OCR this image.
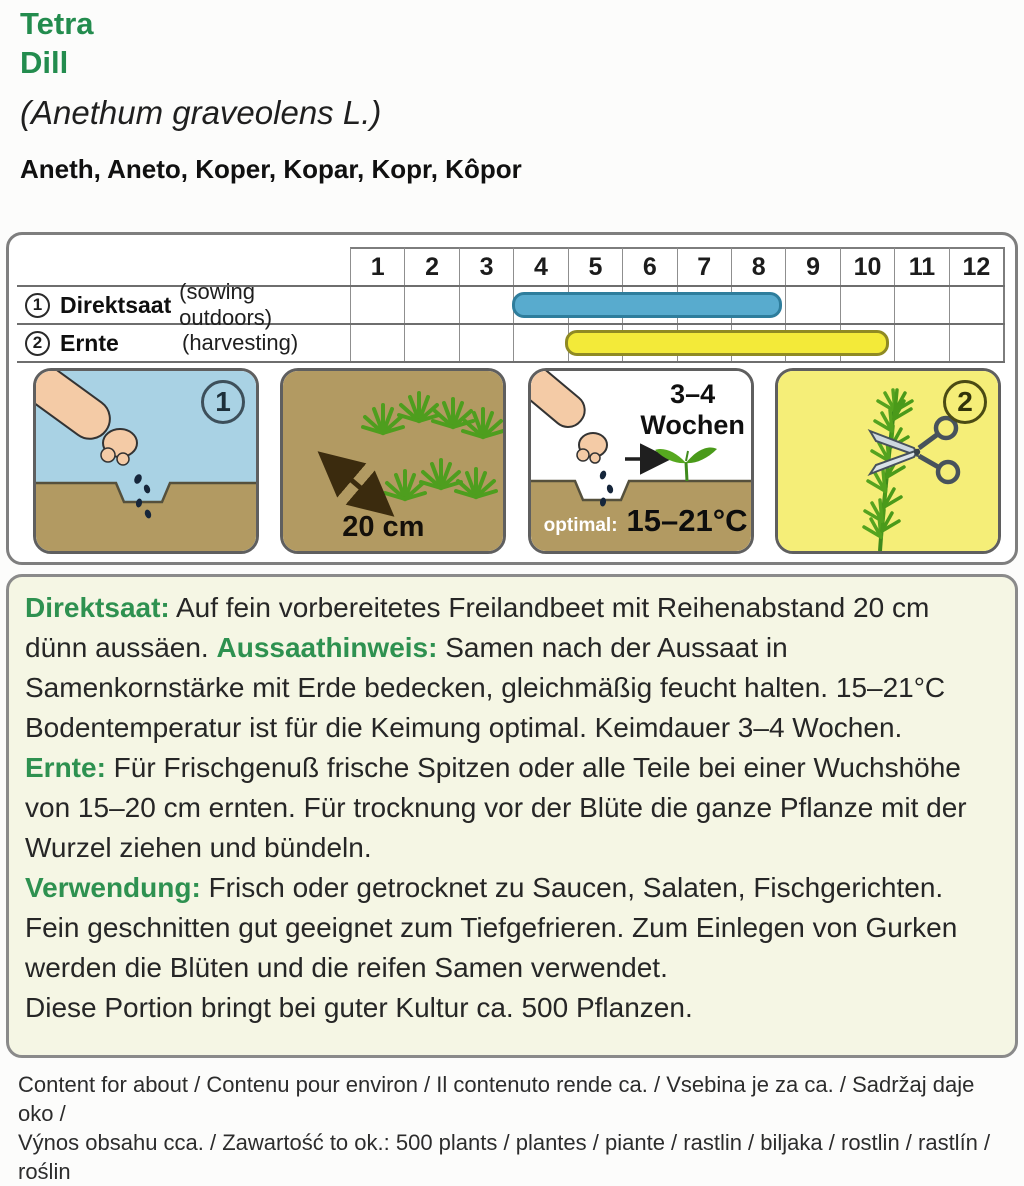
Tetra
Dill
(Anethum graveolens L.)
Aneth, Aneto, Koper, Kopar, Kopr, Kôpor
1	2	3	4	5	6	7	8	9	10	11	12
1 Direktsaat (sowing outdoors)
2 Ernte	(harvesting)
1
20 cm
3–4
Wochen
optimal: 15–21°C
2

Direktsaat: Auf fein vorbereitetes Freilandbeet mit Reihenabstand 20 cm dünn aussäen. Aussaathinweis: Samen nach der Aussaat in Samenkornstärke mit Erde bedecken, gleichmäßig feucht halten. 15–21°C Bodentemperatur ist für die Keimung optimal. Keimdauer 3–4 Wochen.

Ernte: Für Frischgenuß frische Spitzen oder alle Teile bei einer Wuchshöhe von 15–20 cm ernten. Für trocknung vor der Blüte die ganze Pflanze mit der Wurzel ziehen und bündeln.

Verwendung: Frisch oder getrocknet zu Saucen, Salaten, Fischgerichten. Fein geschnitten gut geeignet zum Tiefgefrieren. Zum Einlegen von Gurken werden die Blüten und die reifen Samen verwendet.

Diese Portion bringt bei guter Kultur ca. 500 Pflanzen.

Content for about / Contenu pour environ / Il contenuto rende ca. / Vsebina je za ca. / Sadržaj daje oko /
Výnos obsahu cca. / Zawartość to ok.: 500 plants / plantes / piante / rastlin / biljaka / rostlin / rastlín / roślin
